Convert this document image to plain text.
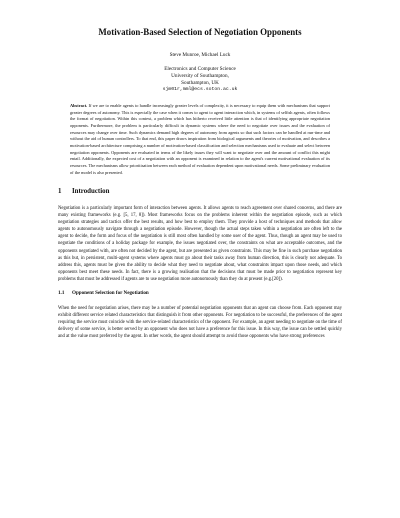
Motivation-Based Selection of Negotiation Opponents
Steve Munroe, Michael Luck
Electronics and Computer Science
University of Southampton,
Southampton, UK
sjm01r,mml@ecs.soton.ac.uk

Abstract. If we are to enable agents to handle increasingly greater levels of complexity, it is necessary to equip them with mechanisms that support greater degrees of autonomy. This is especially the case when it comes to agent to agent interaction which, in systems of selfish agents, often follows the format of negotiation. Within this context, a problem which has hitherto received little attention is that of identifying appropriate negotiation opponents. Furthermore, the problem is particularly difficult in dynamic systems where the need to negotiate over issues and the evaluation of resources may change over time. Such dynamics demand high degrees of autonomy from agents so that such factors can be handled at run-time and without the aid of human controllers. To that end, this paper draws inspiration from biological arguments and theories of motivation, and describes a motivation-based architecture comprising a number of motivation-based classification and selection mechanisms used to evaluate and select between negotiation opponents. Opponents are evaluated in terms of the likely issues they will want to negotiate over and the amount of conflict this might entail. Additionally, the expected cost of a negotiation with an opponent is examined in relation to the agent's current motivational evaluation of its resources. The mechanisms allow prioritisation between each method of evaluation dependent upon motivational needs. Some preliminary evaluation of the model is also presented.

1 Introduction

Negotiation is a particularly important form of interaction between agents. It allows agents to reach agreement over shared concerns, and there are many existing frameworks (e.g. [5, 17, 8]). Most frameworks focus on the problems inherent within the negotiation episode, such as which negotiation strategies and tactics offer the best results, and how best to employ them. They provide a host of techniques and methods that allow agents to autonomously navigate through a negotiation episode. However, though the actual steps taken within a negotiation are often left to the agent to decide, the form and focus of the negotiation is still most often handled by some user of the agent. Thus, though an agent may be used to negotiate the conditions of a holiday package for example, the issues negotiated over, the constraints on what are acceptable outcomes, and the opponents negotiated with, are often not decided by the agent, but are presented as given constraints. This may be fine in such purchase negotiation as this but, in persistent, multi-agent systems where agents must go about their tasks away from human direction, this is clearly not adequate. To address this, agents must be given the ability to decide what they need to negotiate about, what constraints impact upon those needs, and which opponents best meet these needs. In fact, there is a growing realisation that the decisions that must be made prior to negotiation represent key problems that must be addressed if agents are to use negotiation more autonomously than they do at present (e.g.[20]).

1.1 Opponent Selection for Negotiation

When the need for negotiation arises, there may be a number of potential negotiation opponents that an agent can choose from. Each opponent may exhibit different service related characteristics that distinguish it from other opponents. For negotiation to be successful, the preferences of the agent requiring the service must coincide with the service-related characteristics of the opponent. For example, an agent needing to negotiate on the time of delivery of some service, is better served by an opponent who does not have a preference for this issue. In this way, the issue can be settled quickly and at the value most preferred by the agent. In other words, the agent should attempt to avoid those opponents who have strong preferences
